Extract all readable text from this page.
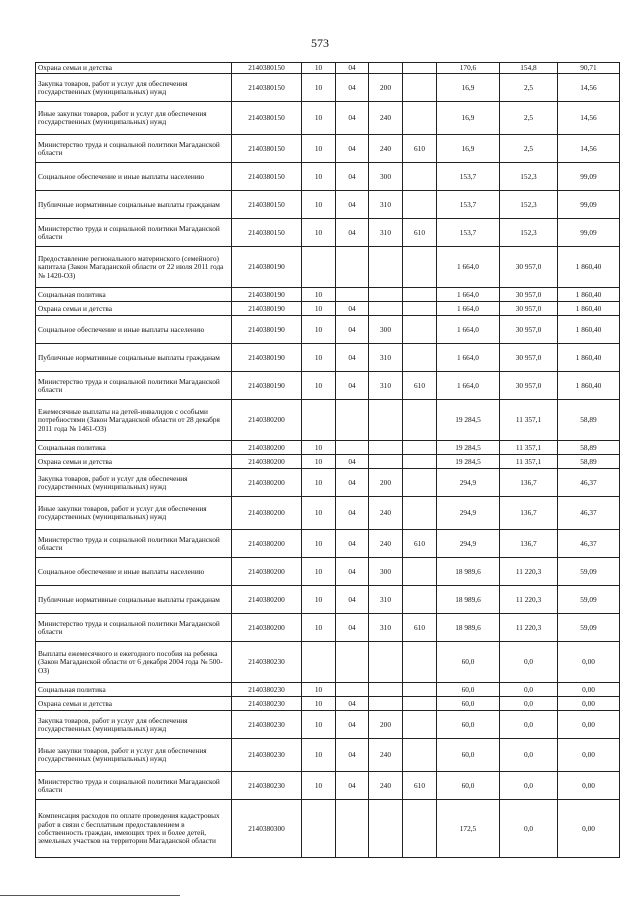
573
Охрана семьи и детства	2140380150	10	04			170,6	154,8	90,71
Закупка товаров, работ и услуг для обеспечения государственных (муниципальных) нужд	2140380150	10	04	200		16,9	2,5	14,56
Иные закупки товаров, работ и услуг для обеспечения государственных (муниципальных) нужд	2140380150	10	04	240		16,9	2,5	14,56
Министерство труда и социальной политики Магаданской области	2140380150	10	04	240	610	16,9	2,5	14,56
Социальное обеспечение и иные выплаты населению	2140380150	10	04	300		153,7	152,3	99,09
Публичные нормативные социальные выплаты гражданам	2140380150	10	04	310		153,7	152,3	99,09
Министерство труда и социальной политики Магаданской области	2140380150	10	04	310	610	153,7	152,3	99,09
Предоставление регионального материнского (семейного) капитала (Закон Магаданской области от 22 июля 2011 года № 1420-ОЗ)	2140380190					1 664,0	30 957,0	1 860,40
Социальная политика	2140380190	10				1 664,0	30 957,0	1 860,40
Охрана семьи и детства	2140380190	10	04			1 664,0	30 957,0	1 860,40
Социальное обеспечение и иные выплаты населению	2140380190	10	04	300		1 664,0	30 957,0	1 860,40
Публичные нормативные социальные выплаты гражданам	2140380190	10	04	310		1 664,0	30 957,0	1 860,40
Министерство труда и социальной политики Магаданской области	2140380190	10	04	310	610	1 664,0	30 957,0	1 860,40
Ежемесячные выплаты на детей-инвалидов с особыми потребностями (Закон Магаданской области от 28 декабря 2011 года № 1461-ОЗ)	2140380200					19 284,5	11 357,1	58,89
Социальная политика	2140380200	10				19 284,5	11 357,1	58,89
Охрана семьи и детства	2140380200	10	04			19 284,5	11 357,1	58,89
Закупка товаров, работ и услуг для обеспечения государственных (муниципальных) нужд	2140380200	10	04	200		294,9	136,7	46,37
Иные закупки товаров, работ и услуг для обеспечения государственных (муниципальных) нужд	2140380200	10	04	240		294,9	136,7	46,37
Министерство труда и социальной политики Магаданской области	2140380200	10	04	240	610	294,9	136,7	46,37
Социальное обеспечение и иные выплаты населению	2140380200	10	04	300		18 989,6	11 220,3	59,09
Публичные нормативные социальные выплаты гражданам	2140380200	10	04	310		18 989,6	11 220,3	59,09
Министерство труда и социальной политики Магаданской области	2140380200	10	04	310	610	18 989,6	11 220,3	59,09
Выплаты ежемесячного и ежегодного пособия на ребенка (Закон Магаданской области от 6 декабря 2004 года № 500-ОЗ)	2140380230					60,0	0,0	0,00
Социальная политика	2140380230	10				60,0	0,0	0,00
Охрана семьи и детства	2140380230	10	04			60,0	0,0	0,00
Закупка товаров, работ и услуг для обеспечения государственных (муниципальных) нужд	2140380230	10	04	200		60,0	0,0	0,00
Иные закупки товаров, работ и услуг для обеспечения государственных (муниципальных) нужд	2140380230	10	04	240		60,0	0,0	0,00
Министерство труда и социальной политики Магаданской области	2140380230	10	04	240	610	60,0	0,0	0,00
Компенсация расходов по оплате проведения кадастровых работ в связи с бесплатным предоставлением в собственность граждан, имеющих трех и более детей, земельных участков на территории Магаданской области	2140380300					172,5	0,0	0,00
